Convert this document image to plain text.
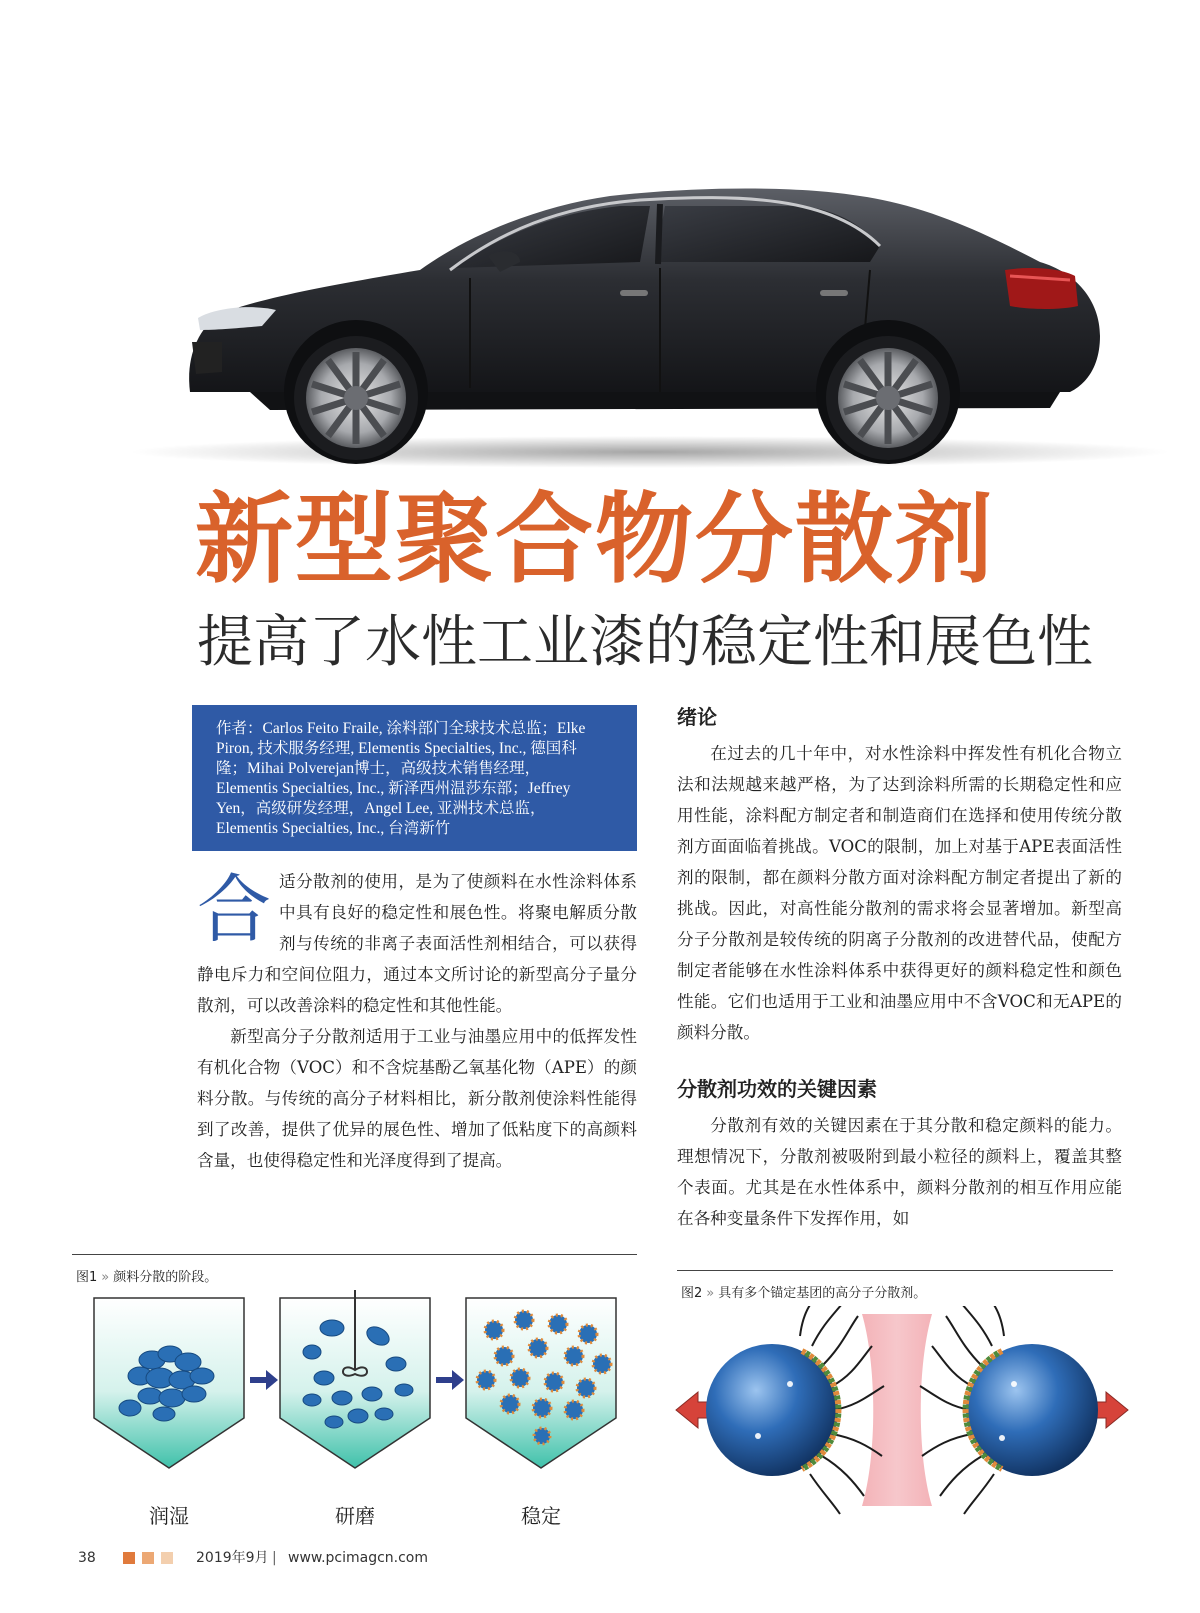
新型聚合物分散剂
提高了水性工业漆的稳定性和展色性
作者：Carlos Feito Fraile, 涂料部门全球技术总监；Elke
Piron, 技术服务经理, Elementis Specialties, Inc., 德国科
隆；Mihai Polverejan博士，高级技术销售经理，
Elementis Specialties, Inc., 新泽西州温莎东部；Jeffrey
Yen，高级研发经理，Angel Lee, 亚洲技术总监，
Elementis Specialties, Inc., 台湾新竹
合 适分散剂的使用，是为了使颜料在水性涂料体系中具有良好的稳定性和展色性。将聚电解质分散剂与传统的非离子表面活性剂相结合，可以获得静电斥力和空间位阻力，通过本文所讨论的新型高分子量分散剂，可以改善涂料的稳定性和其他性能。

新型高分子分散剂适用于工业与油墨应用中的低挥发性有机化合物（VOC）和不含烷基酚乙氧基化物（APE）的颜料分散。与传统的高分子材料相比，新分散剂使涂料性能得到了改善，提供了优异的展色性、增加了低粘度下的高颜料含量，也使得稳定性和光泽度得到了提高。

绪论

在过去的几十年中，对水性涂料中挥发性有机化合物立法和法规越来越严格，为了达到涂料所需的长期稳定性和应用性能，涂料配方制定者和制造商们在选择和使用传统分散剂方面面临着挑战。VOC的限制，加上对基于APE表面活性剂的限制，都在颜料分散方面对涂料配方制定者提出了新的挑战。因此，对高性能分散剂的需求将会显著增加。新型高分子分散剂是较传统的阴离子分散剂的改进替代品，使配方制定者能够在水性涂料体系中获得更好的颜料稳定性和颜色性能。它们也适用于工业和油墨应用中不含VOC和无APE的颜料分散。

分散剂功效的关键因素

分散剂有效的关键因素在于其分散和稳定颜料的能力。理想情况下，分散剂被吸附到最小粒径的颜料上，覆盖其整个表面。尤其是在水性体系中，颜料分散剂的相互作用应能在各种变量条件下发挥作用，如

图1 » 颜料分散的阶段。
润湿	研磨	稳定
图2 » 具有多个锚定基团的高分子分散剂。
38	2019年9月 | www.pcimagcn.com
